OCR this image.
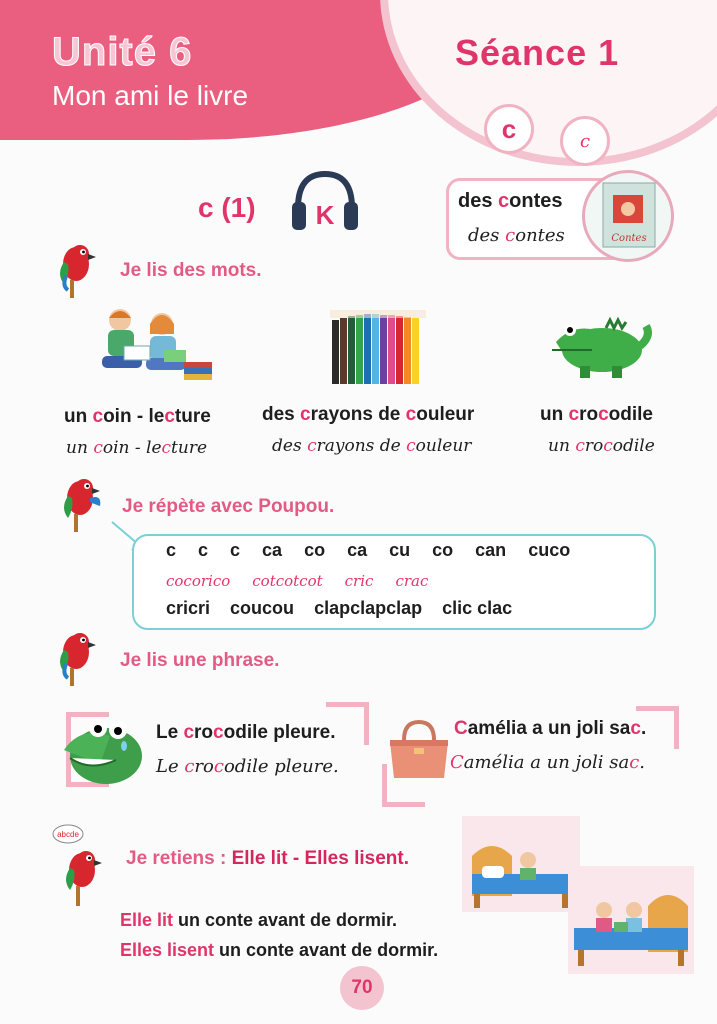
Unité 6
Mon ami le livre
Séance 1
c	c
c (1) K	des contes
des contes	Contes
Je lis des mots.
un coin - lecture
un coin - lecture
des crayons de couleur
des crayons de couleur
un crocodile
un crocodile
Je répète avec Poupou.
c c c ca co ca cu co can cuco
cocorico cotcotcot cric crac
cricri coucou clapclapclap clic clac
Je lis une phrase.
Le crocodile pleure.
Le crocodile pleure.
Camélia a un joli sac.
Camélia a un joli sac.
abcde
Je retiens : Elle lit - Elles lisent.
Elle lit un conte avant de dormir.
Elles lisent un conte avant de dormir.
70
